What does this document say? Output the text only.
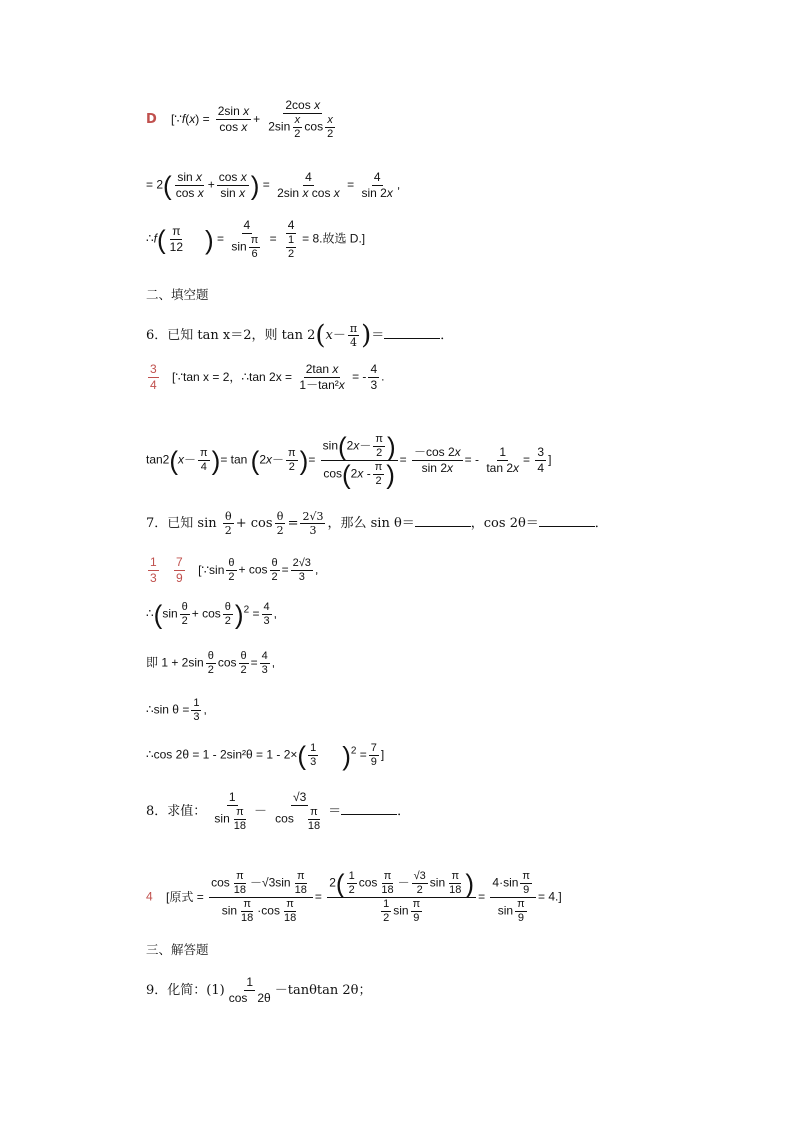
D [∵f(x) = $\frac{\text{2sin x}}{\text{cos x}} + \frac{\text{2cos x}}{2\sin \frac{x}{2} \cos \frac{x}{2}}$
= $2( \frac{\text{sin x}}{\text{cos x}} + \frac{\text{cos x}}{\text{sin x}}$ ) = $\frac{4}{\text{2sin x cos x}} = \frac{4}{\sin 2x}$ ,
∴f( $\frac{\pi}{12}$ ) = $\frac{4}{\sin \frac{\pi}{6}} = \frac{4}{\frac{1}{2}} = 8$.故选 D.]
二、填空题
6．已知 tan x＝2，则 $\tan 2(x- \frac{\pi}{4}$ )＝	．
$\frac{3}{4}$ [∵tan x = 2，∴tan $2x = \frac{\text{2tan x}}{\text{1－tan²x}}$ = - $\frac{4}{3}$ .
$\tan 2(x- \frac{\pi}{4}$ )= $\tan (2x- \frac{\pi}{2}$ )= $\frac{\sin(2x- \frac{\pi}{2} )}{\cos(2x - \frac{\pi}{2} )} = \frac{-\cos 2x}{\sin 2x}$ = - $\frac{1}{\tan 2x} = \frac{3}{4}$ ]
7．已知 $\sin \frac{\theta}{2} + \cos \frac{\theta}{2} = \frac{2√3}{3}$ ，那么 sin θ＝	，cos 2θ＝	．
$\frac{1}{3}$
$\frac{7}{9}$ [∵sin $\frac{\theta}{2} + \cos \frac{\theta}{2} = \frac{2√3}{3}$ ,
∴(sin $\frac{\theta}{2} + \cos \frac{\theta}{2} )^2 = \frac{4}{3}$ ,
即 $1 + 2\sin \frac{\theta}{2}$ $\cos \frac{\theta}{2} = \frac{4}{3}$ ,
∴sin $\theta = \frac{1}{3}$ ,
∴cos $2\theta = 1 - 2\sin^2\theta = 1 - 2\times( \frac{1}{3} )^2 = \frac{7}{9}$ ]
8．求值： $\frac{1}{\sin \frac{\pi}{18}} - \frac{√3}{\cos \frac{\pi}{18}}$ ＝	．
4 [原式 = $\frac{\cos \frac{\pi}{18} -√3\sin \frac{\pi}{18}}{\sin \frac{\pi}{18} \cdot\cos \frac{\pi}{18}} = \frac{2( \frac{1}{2} \cos \frac{\pi}{18} - \frac{√3}{2} \sin \frac{\pi}{18} )}{\frac{1}{2} \sin \frac{\pi}{9}} = \frac{4\cdot\sin \frac{\pi}{9}}{\sin \frac{\pi}{9}} = 4$.]
三、解答题
9．化简：$(1) \frac{1}{\cos 2\theta} -\tan\theta\tan$ 2θ；
